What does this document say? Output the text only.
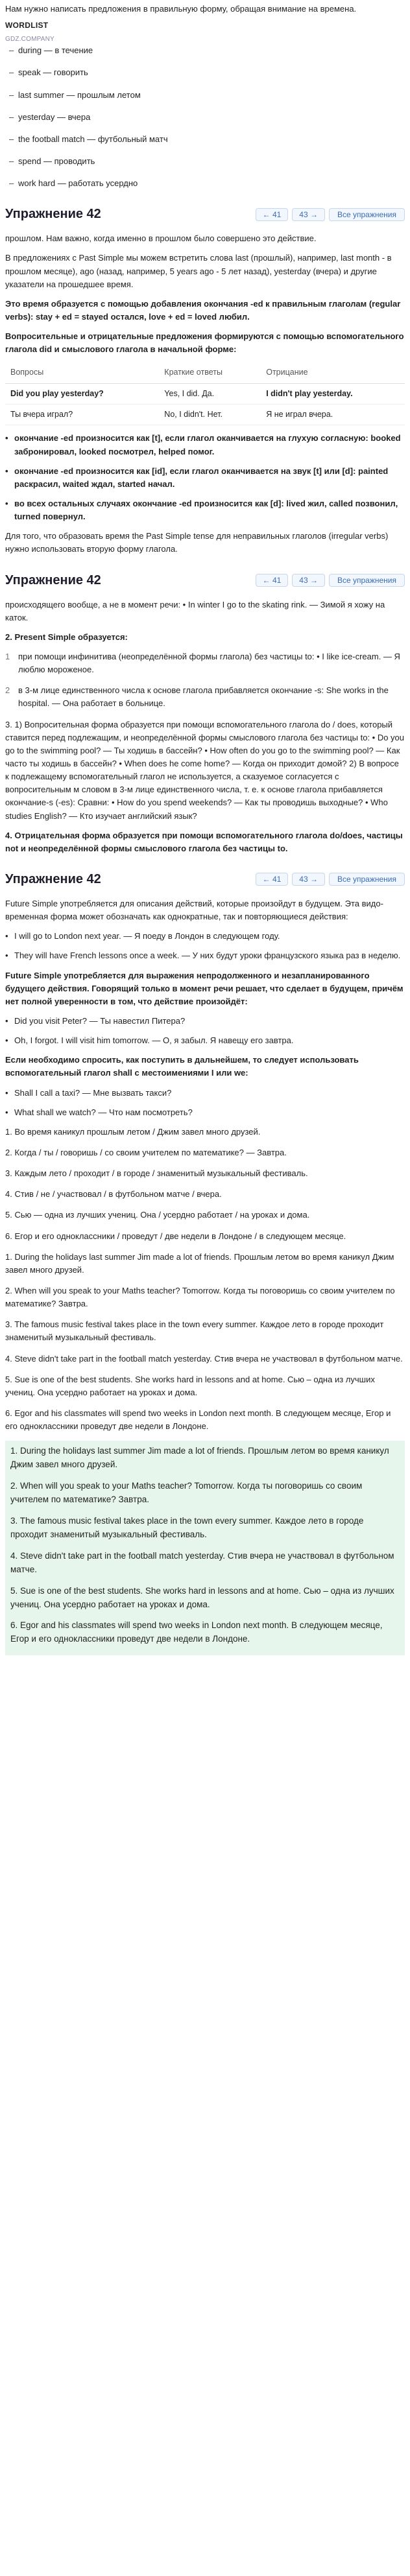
Нам нужно написать предложения в правильную форму, обращая внимание на времена.
WORDLIST
GDZ.COMPANY
– during — в течение
– speak — говорить
– last summer — прошлым летом
– yesterday — вчера
– the football match — футбольный матч
– spend — проводить
– work hard — работать усердно
Упражнение 42	← 41	43 →	Все упражнения

прошлом. Нам важно, когда именно в прошлом было совершено это действие.

В предложениях с Past Simple мы можем встретить слова last (прошлый), например, last month - в прошлом месяце), ago (назад, например, 5 years ago - 5 лет назад), yesterday (вчера) и другие указатели на прошедшее время.

Это время образуется с помощью добавления окончания -ed к правильным глаголам (regular verbs): stay + ed = stayed остался, love + ed = loved любил.

Вопросительные и отрицательные предложения формируются с помощью вспомогательного глагола did и смыслового глагола в начальной форме:

Вопросы	Краткие ответы	Отрицание
Did you play yesterday?	Yes, I did. Да.	I didn't play yesterday.
Ты вчера играл?	No, I didn't. Нет.	Я не играл вчера.
• окончание -ed произносится как [t], если глагол оканчивается на глухую согласную: booked забронировал, looked посмотрел, helped помог.
• окончание -ed произносится как [id], если глагол оканчивается на звук [t] или [d]: painted раскрасил, waited ждал, started начал.
• во всех остальных случаях окончание -ed произносится как [d]: lived жил, called позвонил, turned повернул.

Для того, что образовать время the Past Simple tense для неправильных глаголов (irregular verbs) нужно использовать вторую форму глагола.

Упражнение 42	← 41	43 →	Все упражнения

происходящего вообще, а не в момент речи: • In winter I go to the skating rink. — Зимой я хожу на каток.

2. Present Simple образуется:

1 при помощи инфинитива (неопределённой формы глагола) без частицы to: • I like ice-cream. — Я люблю мороженое.
2 в 3-м лице единственного числа к основе глагола прибавляется окончание -s: She works in the hospital. — Она работает в больнице.

3. 1) Вопросительная форма образуется при помощи вспомогательного глагола do / does, который ставится перед подлежащим, и неопределённой формы смыслового глагола без частицы to: • Do you go to the swimming pool? — Ты ходишь в бассейн? • How often do you go to the swimming pool? — Как часто ты ходишь в бассейн? • When does he come home? — Когда он приходит домой? 2) В вопросе к подлежащему вспомогательный глагол не используется, а сказуемое согласуется с вопросительным м словом в 3-м лице единственного числа, т. е. к основе глагола прибавляется окончание-s (-es): Сравни: • How do you spend weekends? — Как ты проводишь выходные? • Who studies English? — Кто изучает английский язык?

4. Отрицательная форма образуется при помощи вспомогательного глагола do/does, частицы not и неопределённой формы смыслового глагола без частицы to.

Упражнение 42	← 41	43 →	Все упражнения

Future Simple употребляется для описания действий, которые произойдут в будущем. Эта видо-временная форма может обозначать как однократные, так и повторяющиеся действия:

• I will go to London next year. — Я поеду в Лондон в следующем году.
• They will have French lessons once a week. — У них будут уроки французского языка раз в неделю.

Future Simple употребляется для выражения непродолженного и незапланированного будущего действия. Говорящий только в момент речи решает, что сделает в будущем, причём нет полной уверенности в том, что действие произойдёт:

• Did you visit Peter? — Ты навестил Питера?
• Oh, I forgot. I will visit him tomorrow. — О, я забыл. Я навещу его завтра.

Если необходимо спросить, как поступить в дальнейшем, то следует использовать вспомогательный глагол shall с местоимениями I или we:

• Shall I call a taxi? — Мне вызвать такси?
• What shall we watch? — Что нам посмотреть?

1. Во время каникул прошлым летом / Джим завел много друзей.

2. Когда / ты / говоришь / со своим учителем по математике? — Завтра.

3. Каждым лето / проходит / в городе / знаменитый музыкальный фестиваль.

4. Стив / не / участвовал / в футбольном матче / вчера.

5. Сью — одна из лучших учениц. Она / усердно работает / на уроках и дома.

6. Егор и его одноклассники / проведут / две недели в Лондоне / в следующем месяце.

1. During the holidays last summer Jim made a lot of friends. Прошлым летом во время каникул Джим завел много друзей.

2. When will you speak to your Maths teacher? Tomorrow. Когда ты поговоришь со своим учителем по математике? Завтра.

3. The famous music festival takes place in the town every summer. Каждое лето в городе проходит знаменитый музыкальный фестиваль.

4. Steve didn't take part in the football match yesterday. Стив вчера не участвовал в футбольном матче.

5. Sue is one of the best students. She works hard in lessons and at home. Сью – одна из лучших учениц. Она усердно работает на уроках и дома.

6. Egor and his classmates will spend two weeks in London next month. В следующем месяце, Егор и его одноклассники проведут две недели в Лондоне.

1. During the holidays last summer Jim made a lot of friends. Прошлым летом во время каникул Джим завел много друзей.

2. When will you speak to your Maths teacher? Tomorrow. Когда ты поговоришь со своим учителем по математике? Завтра.

3. The famous music festival takes place in the town every summer. Каждое лето в городе проходит знаменитый музыкальный фестиваль.

4. Steve didn't take part in the football match yesterday. Стив вчера не участвовал в футбольном матче.

5. Sue is one of the best students. She works hard in lessons and at home. Сью – одна из лучших учениц. Она усердно работает на уроках и дома.

6. Egor and his classmates will spend two weeks in London next month. В следующем месяце, Егор и его одноклассники проведут две недели в Лондоне.
